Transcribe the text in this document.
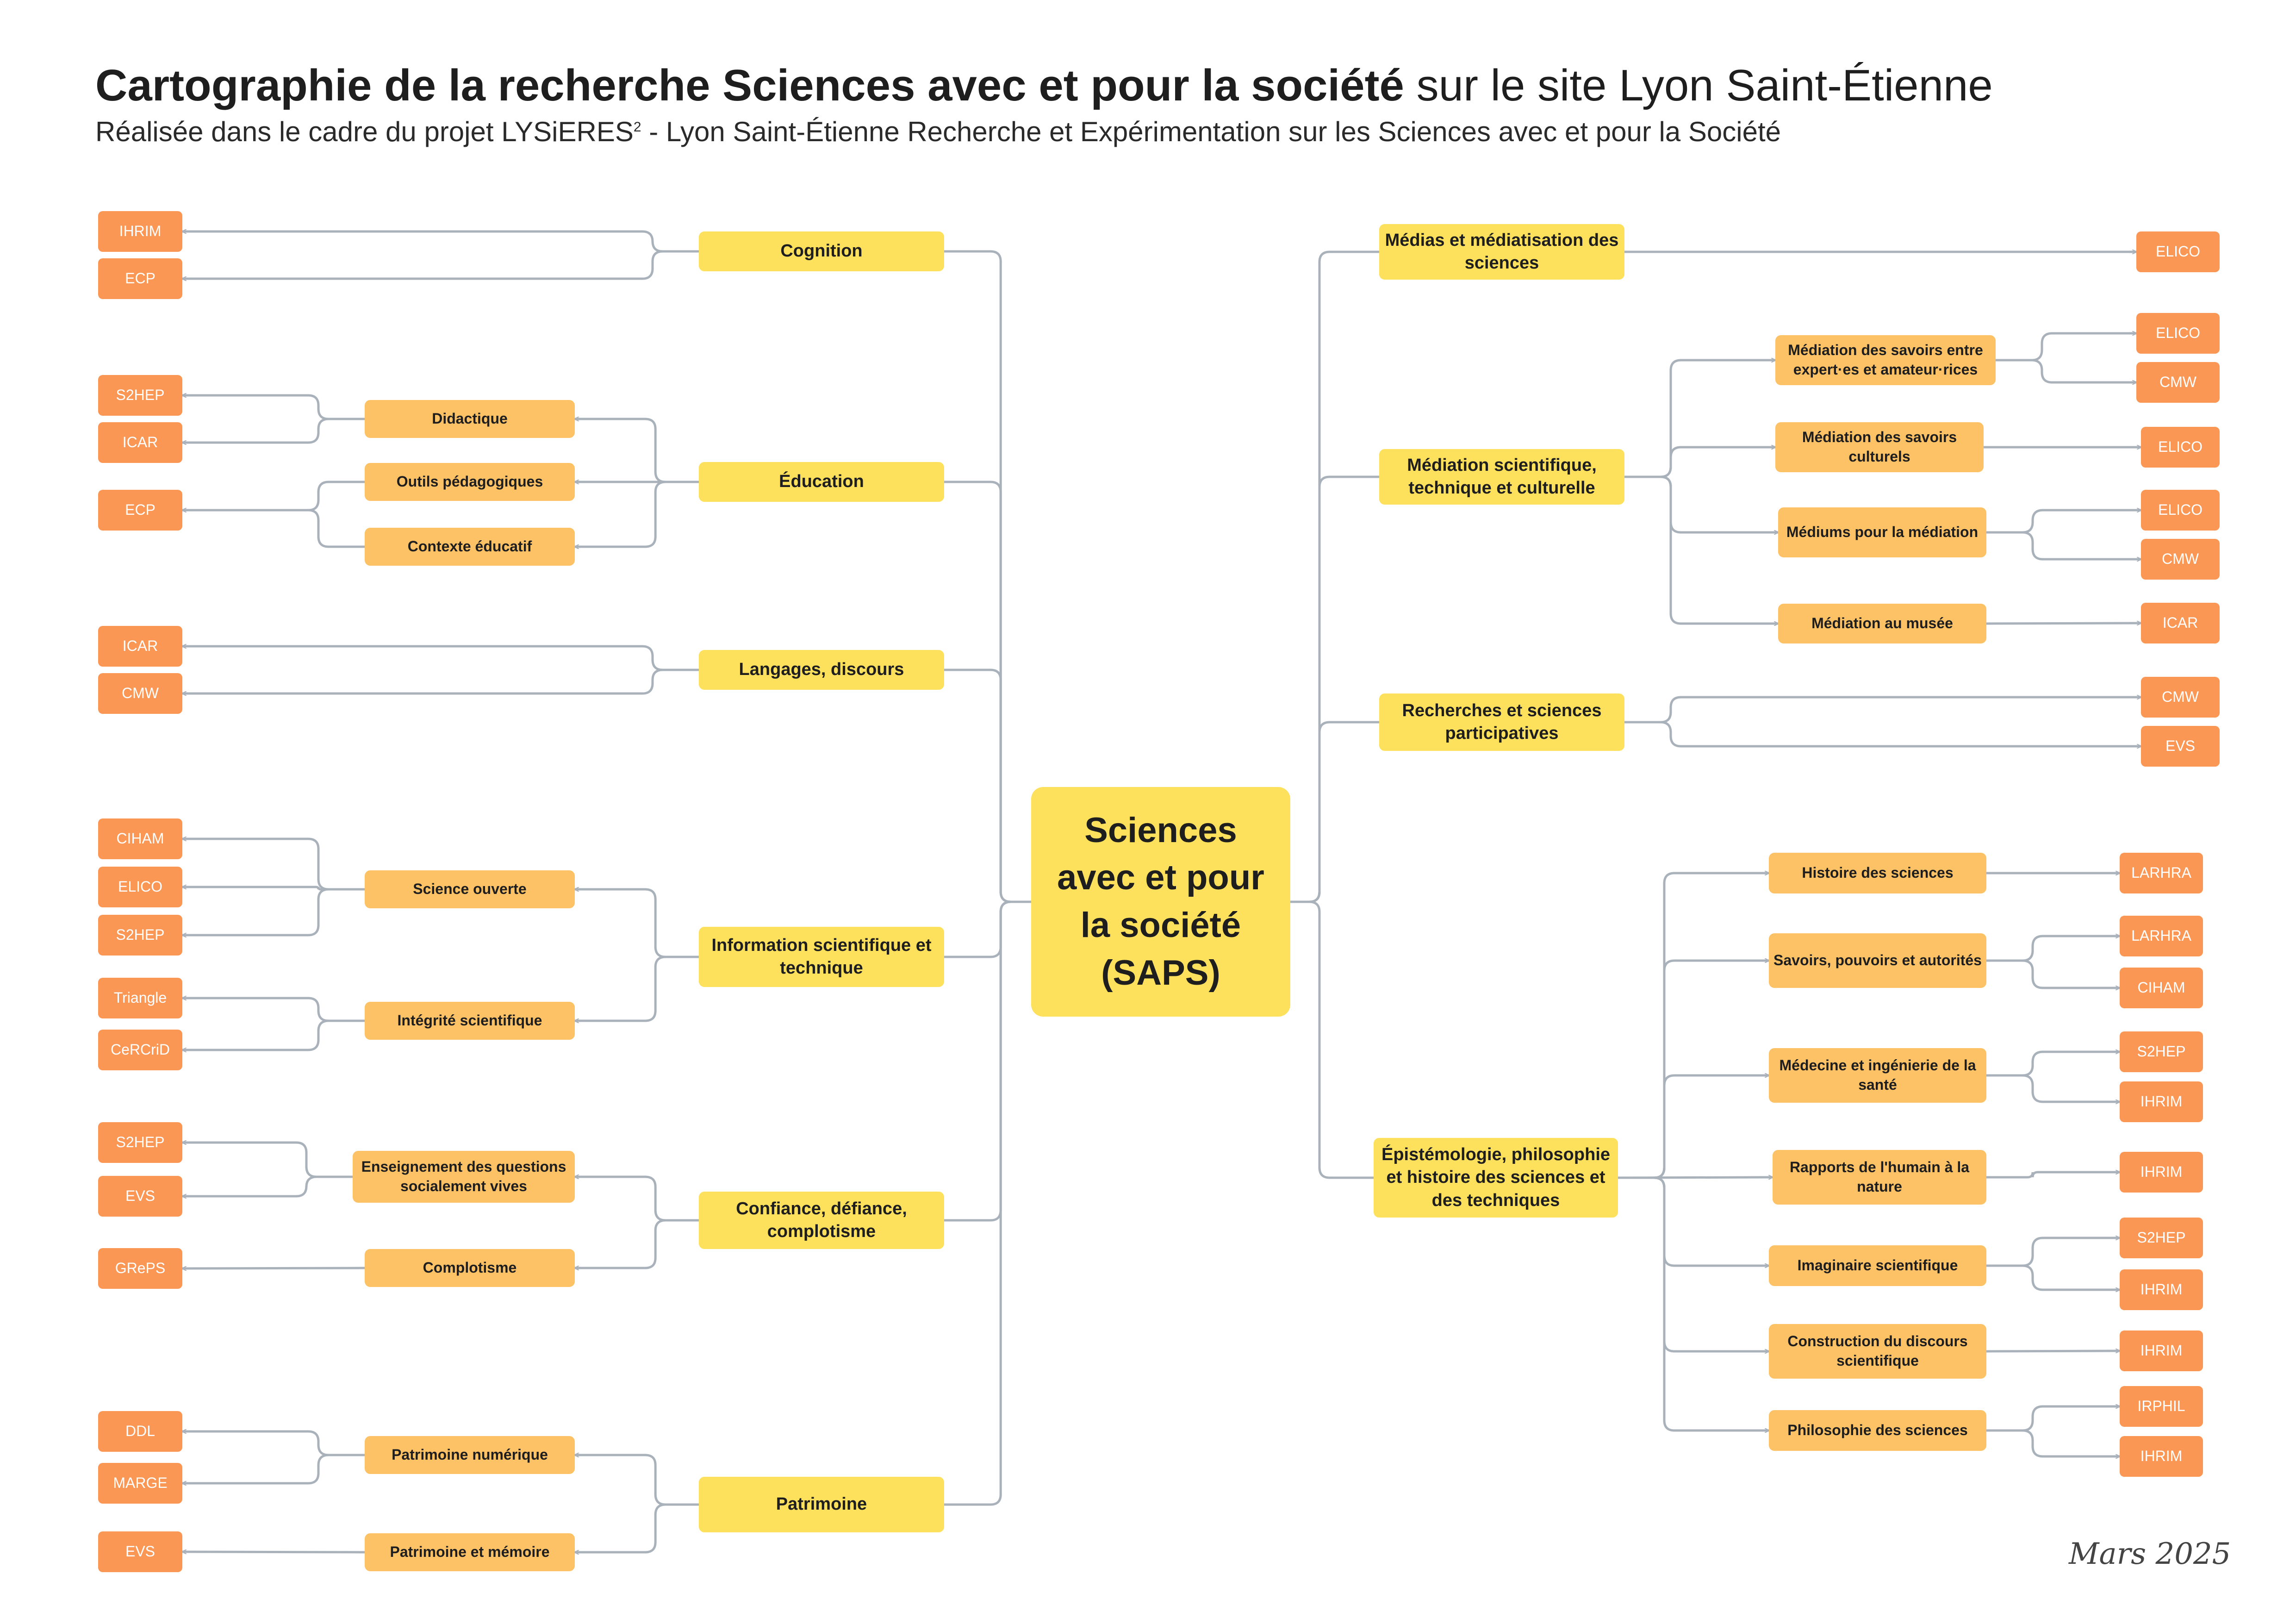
Cartographie de la recherche Sciences avec et pour la société sur le site Lyon Saint-Étienne
Réalisée dans le cadre du projet LYSiERES$^2$ - Lyon Saint-Étienne Recherche et Expérimentation sur les Sciences avec et pour la Société
Sciences
avec et pour
la société
(SAPS)
Cognition
Éducation
Langages, discours
Information scientifique et technique
Confiance, défiance, complotisme
Patrimoine
Didactique
Outils pédagogiques
Contexte éducatif
Science ouverte
Intégrité scientifique
Enseignement des questions socialement vives
Complotisme
Patrimoine numérique
Patrimoine et mémoire
IHRIM
ECP
S2HEP
ICAR
ECP
ICAR
CMW
CIHAM
ELICO
S2HEP
Triangle
CeRCriD
S2HEP
EVS
GRePS
DDL
MARGE
EVS
Médias et médiatisation des sciences
Médiation scientifique, technique et culturelle
Recherches et sciences participatives
Épistémologie, philosophie et histoire des sciences et des techniques
Médiation des savoirs entre expert·es et amateur·rices
Médiation des savoirs culturels
Médiums pour la médiation
Médiation au musée
Histoire des sciences
Savoirs, pouvoirs et autorités
Médecine et ingénierie de la santé
Rapports de l'humain à la nature
Imaginaire scientifique
Construction du discours scientifique
Philosophie des sciences
ELICO
ELICO
CMW
ELICO
ELICO
CMW
ICAR
CMW
EVS
LARHRA
LARHRA
CIHAM
S2HEP
IHRIM
IHRIM
S2HEP
IHRIM
IHRIM
IRPHIL
IHRIM
Mars 2025
